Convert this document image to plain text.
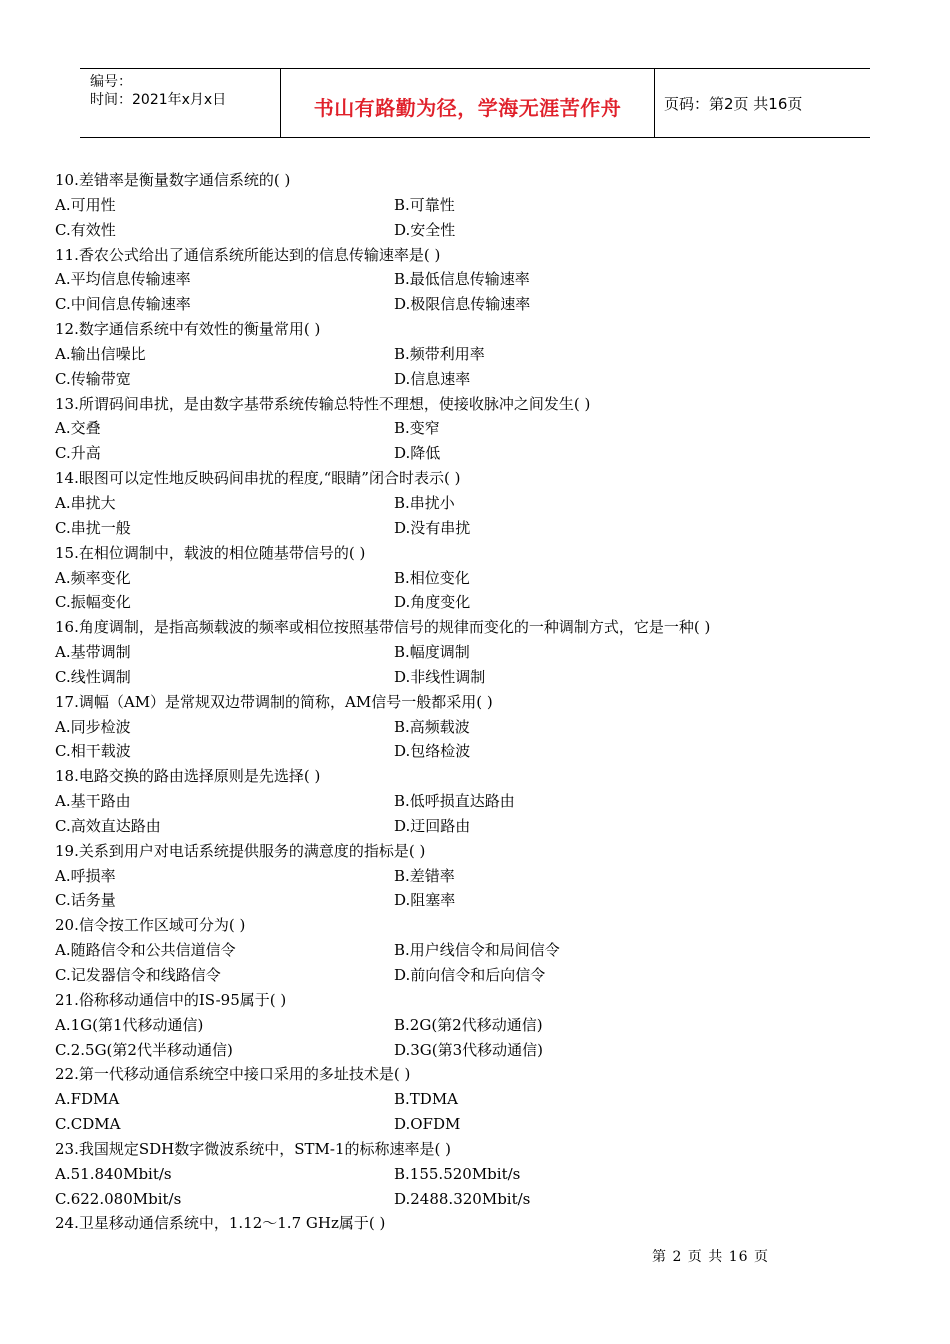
编号：
时间：2021年x月x日	书山有路勤为径，学海无涯苦作舟	页码：第2页 共16页
10.差错率是衡量数字通信系统的( )
A.可用性	B.可靠性
C.有效性	D.安全性
11.香农公式给出了通信系统所能达到的信息传输速率是( )
A.平均信息传输速率	B.最低信息传输速率
C.中间信息传输速率	D.极限信息传输速率
12.数字通信系统中有效性的衡量常用( )
A.输出信噪比	B.频带利用率
C.传输带宽	D.信息速率
13.所谓码间串扰，是由数字基带系统传输总特性不理想，使接收脉冲之间发生( )
A.交叠	B.变窄
C.升高	D.降低
14.眼图可以定性地反映码间串扰的程度,“眼睛”闭合时表示( )
A.串扰大	B.串扰小
C.串扰一般	D.没有串扰
15.在相位调制中，载波的相位随基带信号的( )
A.频率变化	B.相位变化
C.振幅变化	D.角度变化
16.角度调制，是指高频载波的频率或相位按照基带信号的规律而变化的一种调制方式，它是一种( )
A.基带调制	B.幅度调制
C.线性调制	D.非线性调制
17.调幅（AM）是常规双边带调制的简称，AM信号一般都采用( )
A.同步检波	B.高频载波
C.相干载波	D.包络检波
18.电路交换的路由选择原则是先选择( )
A.基干路由	B.低呼损直达路由
C.高效直达路由	D.迂回路由
19.关系到用户对电话系统提供服务的满意度的指标是( )
A.呼损率	B.差错率
C.话务量	D.阻塞率
20.信令按工作区域可分为( )
A.随路信令和公共信道信令	B.用户线信令和局间信令
C.记发器信令和线路信令	D.前向信令和后向信令
21.俗称移动通信中的IS-95属于( )
A.1G(第1代移动通信)	B.2G(第2代移动通信)
C.2.5G(第2代半移动通信)	D.3G(第3代移动通信)
22.第一代移动通信系统空中接口采用的多址技术是( )
A.FDMA	B.TDMA
C.CDMA	D.OFDM
23.我国规定SDH数字微波系统中，STM-1的标称速率是( )
A.51.840Mbit/s	B.155.520Mbit/s
C.622.080Mbit/s	D.2488.320Mbit/s
24.卫星移动通信系统中，1.12～1.7 GHz属于( )
第 2 页 共 16 页
